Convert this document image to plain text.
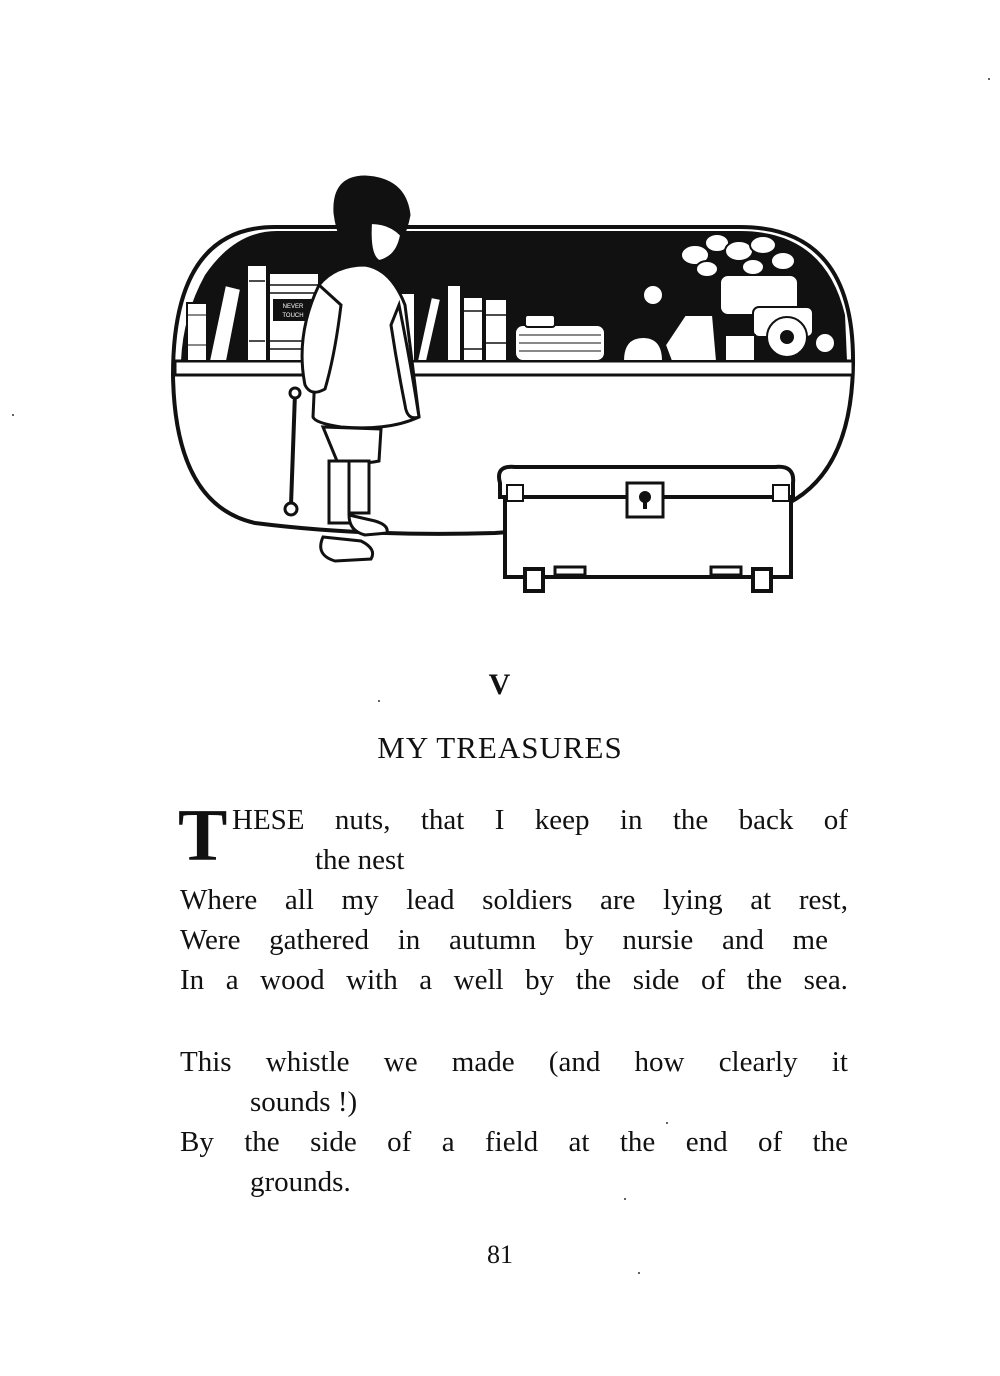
NEVER
TOUCH
V
MY TREASURES
T HESE nuts, that I keep in the back of
the nest
Where all my lead soldiers are lying at rest,
Were gathered in autumn by nursie and me
In a wood with a well by the side of the sea.
This whistle we made (and how clearly it
sounds !)
By the side of a field at the end of the
grounds.
81
